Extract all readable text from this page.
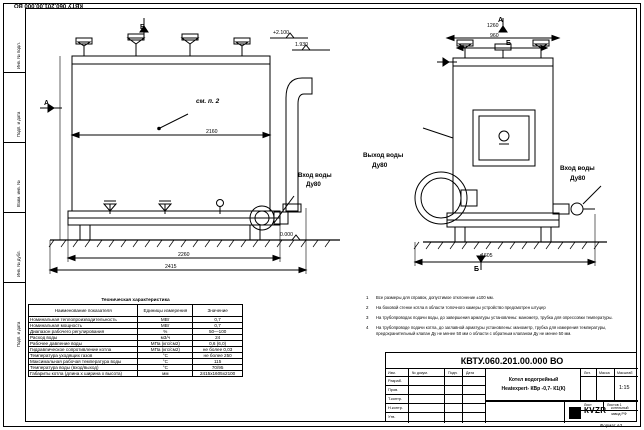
Инв. № подл.
Подп. и дата
Взам. инв. №
Инв. № дубл.
Подп. и дата
КВТУ 060.201.00.000 ВО
В
А	см. п. 2
+2.100
1.930
0.000
2160
2260
2415
Вход воды
Ду80
А
Б
Б
1260
960
1605
Выход воды
Ду80	Вход воды
Ду80
1 Все размеры для справок, допустимое отклонение ±100 мм.
2 На боковой стенке котла в области топочного камеры устройство предсмотрен штуцер
3 На трубопроводах подачи воды, до завершения арматуры установлены: манометр, трубка для опрессовки температуры.
4 На трубопроводе подачи котла, до заглавной арматуры установлены: манометр, трубка для измерения температуры, предохранительный клапан Ду не менее 50 мм о области с обратным клапаном Ду не менее 50 мм.
Техническая характеристика
Наименование показателя	Единицы измерения	Значение
Номинальная теплопроизводительность	МВт	0,7
Номинальная мощность	МВт	0,7
Диапазон рабочего регулирования	%	50—100
Расход воды	м3/ч	24
Рабочее давление воды	МПа (кгс/см2)	0,6 (6,0)
Гидравлическое сопротивление котла	МПа (кгс/см2)	не более 0,03
Температура уходящих газов	°С	не более 250
Максимальная рабочая температура воды	°С	115
Температура воды (вход/выход)	°С	70/95
Габариты котла (длина x ширина x высота)	мм	2415х1605х2100
КВТУ.060.201.00.000 ВО
Изм.	№ докум.	Подп. Дата
Разраб.
Пров.
Т.контр.
Н.контр.
Утв.
Котел водогрейный
Heatexpert- КВр -0,7- К1(К)
Лит. Масса Масштаб
1:15
Лист	Листов 1
КVZR котельный
завод РФ
Формат A3
